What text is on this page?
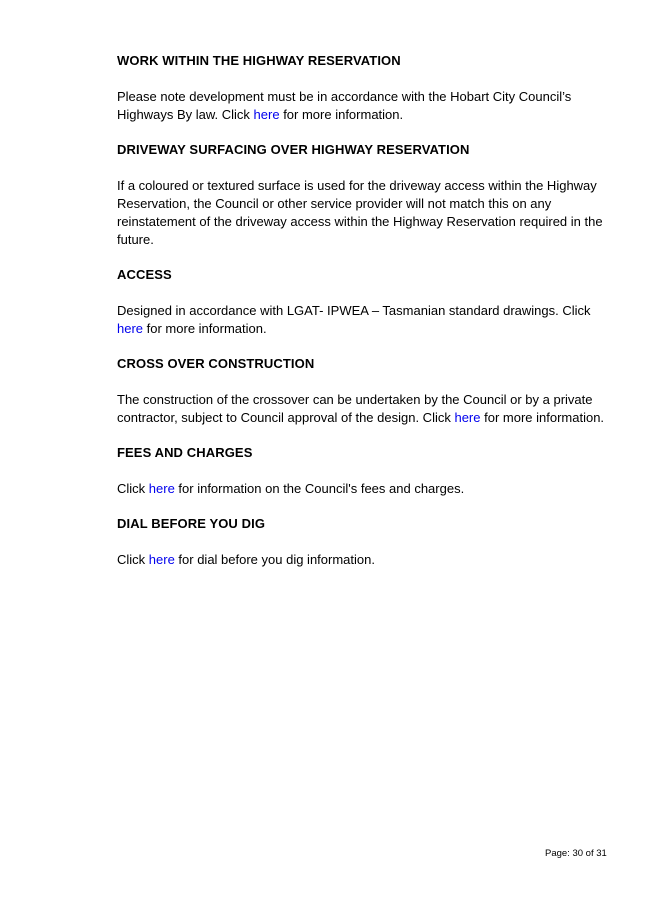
WORK WITHIN THE HIGHWAY RESERVATION

Please note development must be in accordance with the Hobart City Council’s Highways By law. Click here for more information.

DRIVEWAY SURFACING OVER HIGHWAY RESERVATION

If a coloured or textured surface is used for the driveway access within the Highway Reservation, the Council or other service provider will not match this on any reinstatement of the driveway access within the Highway Reservation required in the future.

ACCESS

Designed in accordance with LGAT- IPWEA – Tasmanian standard drawings. Click here for more information.

CROSS OVER CONSTRUCTION

The construction of the crossover can be undertaken by the Council or by a private contractor, subject to Council approval of the design. Click here for more information.

FEES AND CHARGES

Click here for information on the Council's fees and charges.

DIAL BEFORE YOU DIG

Click here for dial before you dig information.

Page: 30 of 31
